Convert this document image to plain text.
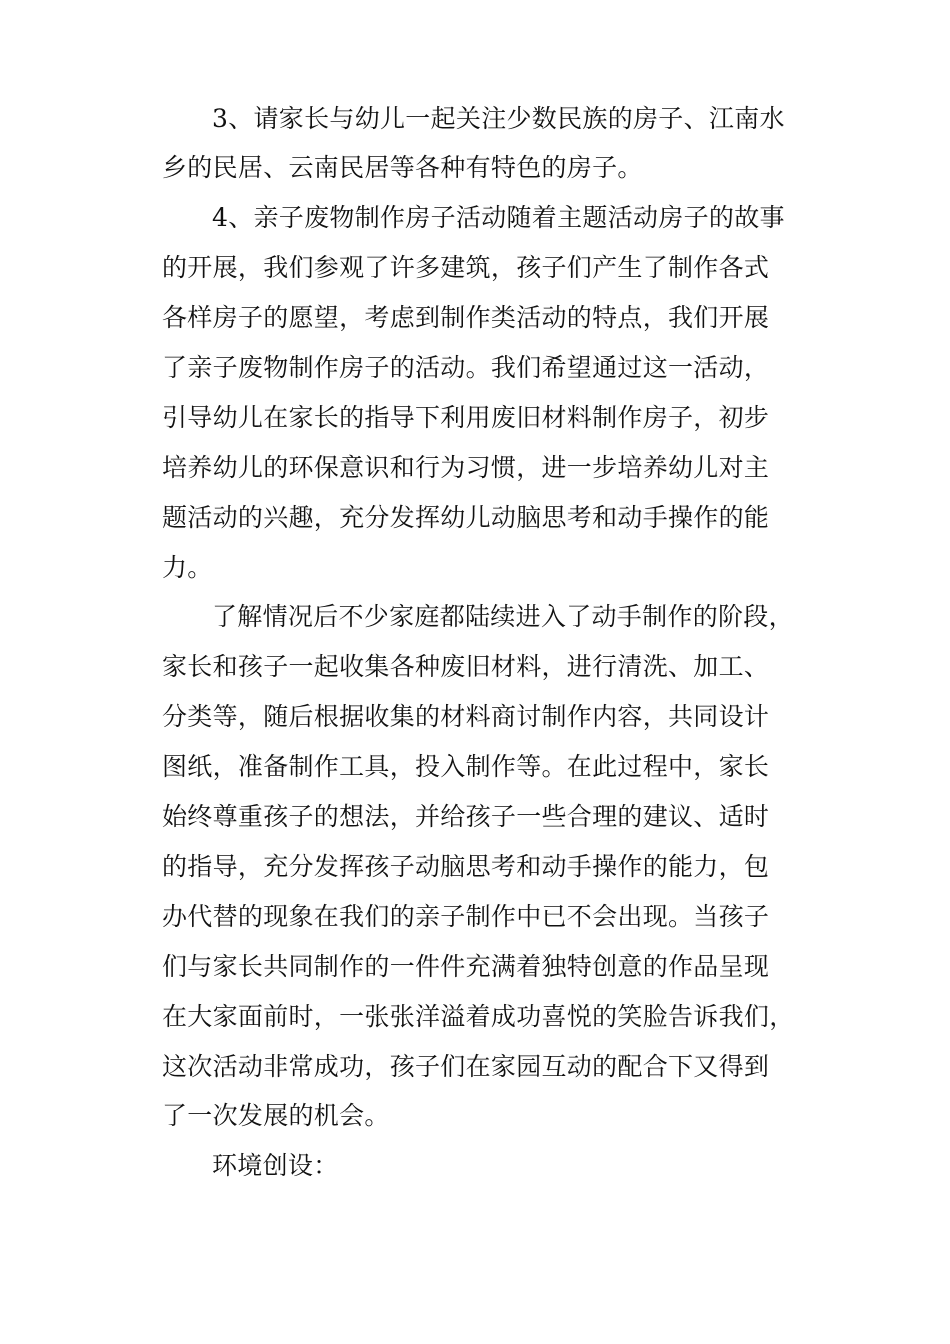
3、请家长与幼儿一起关注少数民族的房子、江南水
乡的民居、云南民居等各种有特色的房子。
4、亲子废物制作房子活动随着主题活动房子的故事
的开展，我们参观了许多建筑，孩子们产生了制作各式
各样房子的愿望，考虑到制作类活动的特点，我们开展
了亲子废物制作房子的活动。我们希望通过这一活动，
引导幼儿在家长的指导下利用废旧材料制作房子，初步
培养幼儿的环保意识和行为习惯，进一步培养幼儿对主
题活动的兴趣，充分发挥幼儿动脑思考和动手操作的能
力。
了解情况后不少家庭都陆续进入了动手制作的阶段，
家长和孩子一起收集各种废旧材料，进行清洗、加工、
分类等，随后根据收集的材料商讨制作内容，共同设计
图纸，准备制作工具，投入制作等。在此过程中，家长
始终尊重孩子的想法，并给孩子一些合理的建议、适时
的指导，充分发挥孩子动脑思考和动手操作的能力，包
办代替的现象在我们的亲子制作中已不会出现。当孩子
们与家长共同制作的一件件充满着独特创意的作品呈现
在大家面前时，一张张洋溢着成功喜悦的笑脸告诉我们，
这次活动非常成功，孩子们在家园互动的配合下又得到
了一次发展的机会。
环境创设：
